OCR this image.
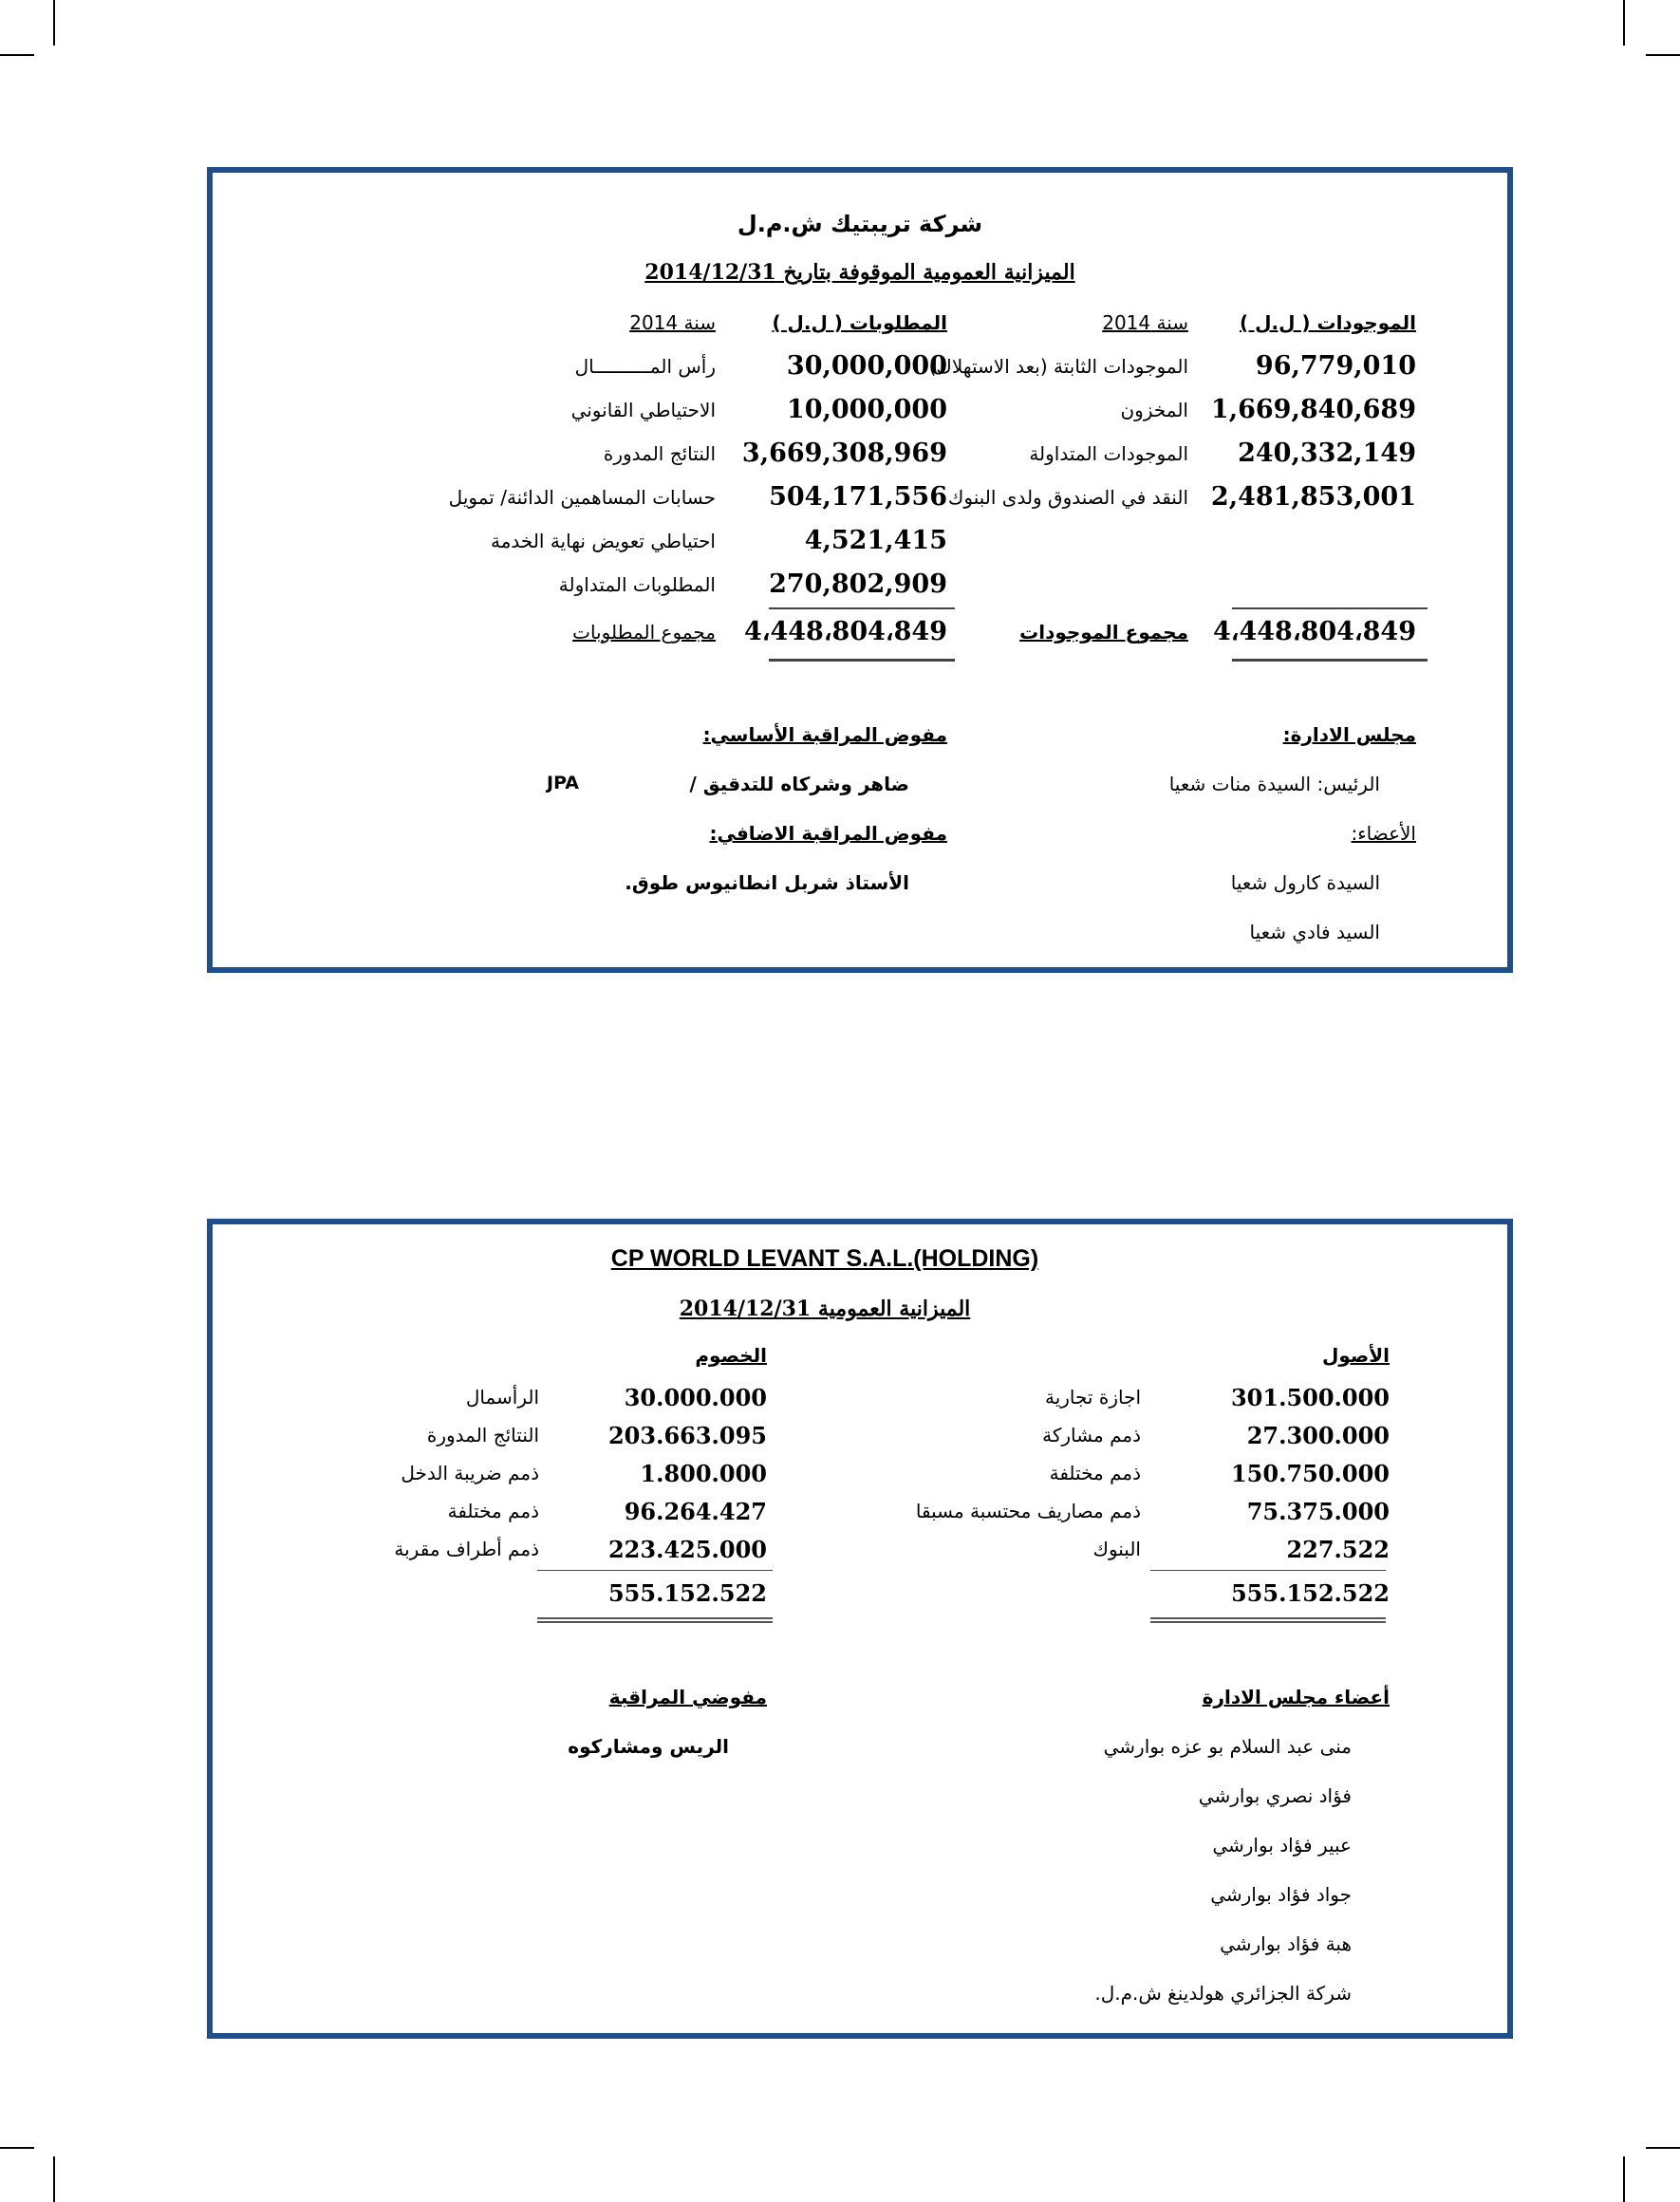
شركة تريبتيك ش.م.ل
الميزانية العمومية الموقوفة بتاريخ 2014/12/31
الموجودات ( ل.ل )
سنة 2014
المطلوبات ( ل.ل )
سنة 2014
96,779,010
الموجودات الثابتة (بعد الاستهلاك)
1,669,840,689
المخزون
240,332,149
الموجودات المتداولة
2,481,853,001
النقد في الصندوق ولدى البنوك
30,000,000
رأس المــــــــــال
10,000,000
الاحتياطي القانوني
3,669,308,969
النتائج المدورة
504,171,556
حسابات المساهمين الدائنة/ تمويل
4,521,415
احتياطي تعويض نهاية الخدمة
270,802,909
المطلوبات المتداولة
4،448،804،849
مجموع الموجودات
4،448،804،849
مجموع المطلوبات
مجلس الادارة:
الرئيس: السيدة منات شعيا
الأعضاء:
السيدة كارول شعيا
السيد فادي شعيا
مفوض المراقبة الأساسي:
ضاهر وشركاه للتدقيق /
JPA
مفوض المراقبة الاضافي:
الأستاذ شربل انطانيوس طوق.
CP WORLD LEVANT S.A.L.(HOLDING)
الميزانية العمومية 2014/12/31
الأصول
الخصوم
301.500.000
اجازة تجارية
27.300.000
ذمم مشاركة
150.750.000
ذمم مختلفة
75.375.000
ذمم مصاريف محتسبة مسبقا
227.522
البنوك
30.000.000
الرأسمال
203.663.095
النتائج المدورة
1.800.000
ذمم ضريبة الدخل
96.264.427
ذمم مختلفة
223.425.000
ذمم أطراف مقربة
555.152.522
555.152.522
أعضاء مجلس الادارة
منى عبد السلام بو عزه بوارشي
فؤاد نصري بوارشي
عبير فؤاد بوارشي
جواد فؤاد بوارشي
هبة فؤاد بوارشي
شركة الجزائري هولدينغ ش.م.ل.
مفوضي المراقبة
الريس ومشاركوه
